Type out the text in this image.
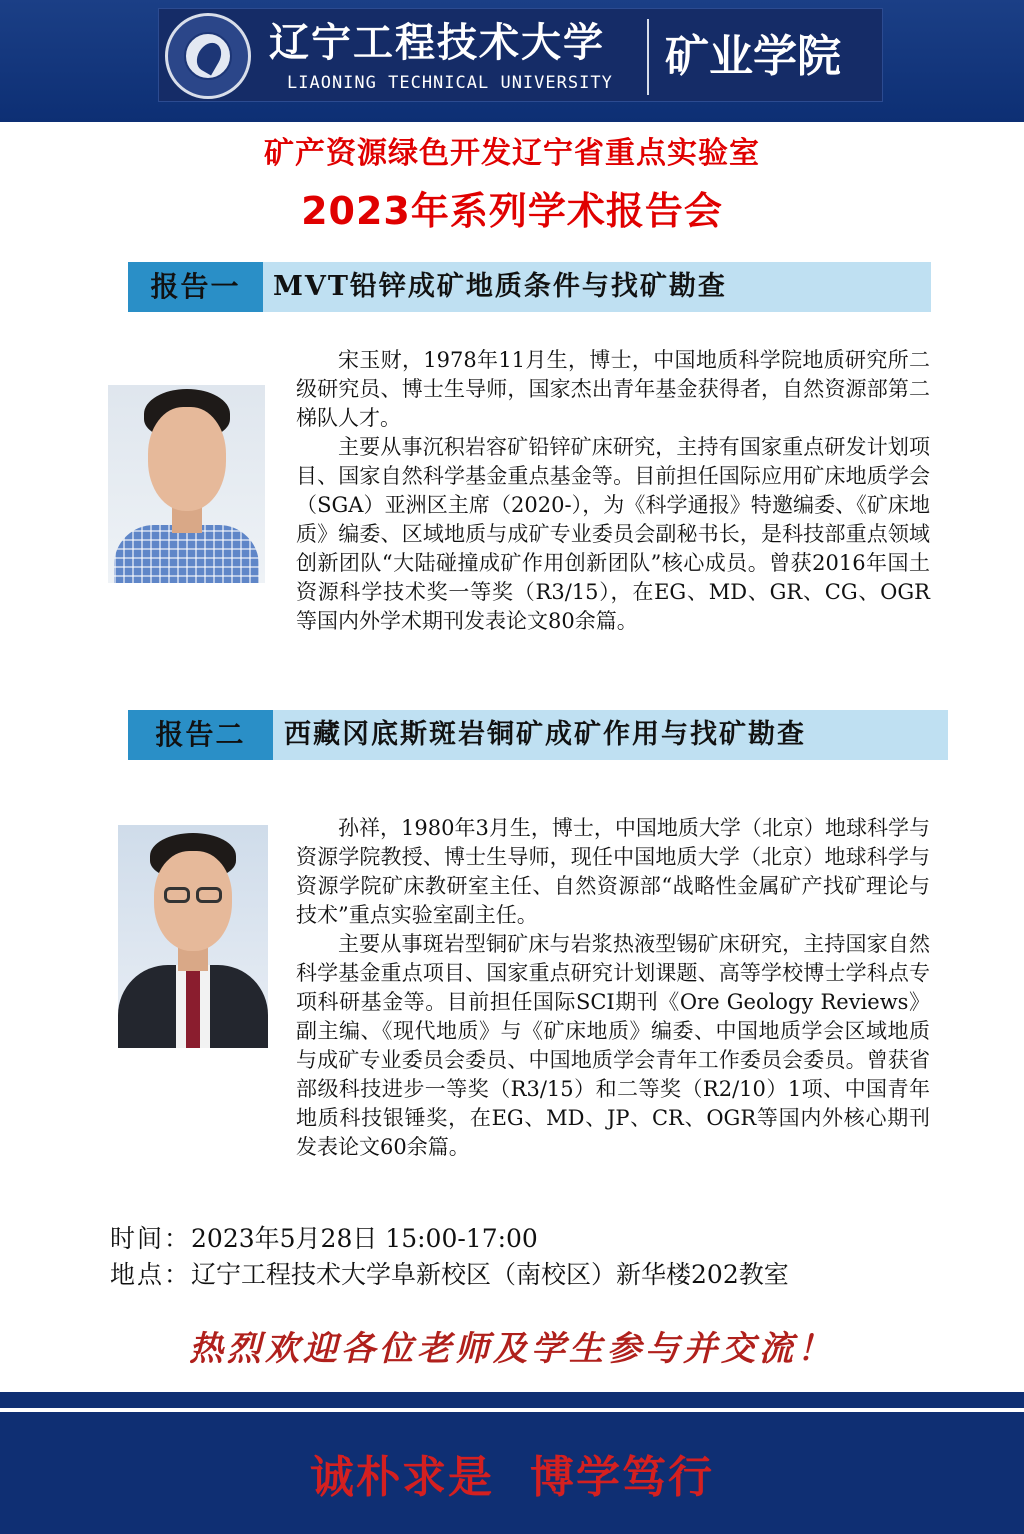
辽宁工程技术大学
LIAONING TECHNICAL UNIVERSITY
矿业学院
矿产资源绿色开发辽宁省重点实验室
2023年系列学术报告会
报告一	MVT铅锌成矿地质条件与找矿勘查

宋玉财，1978年11月生，博士，中国地质科学院地质研究所二级研究员、博士生导师，国家杰出青年基金获得者，自然资源部第二梯队人才。

主要从事沉积岩容矿铅锌矿床研究，主持有国家重点研发计划项目、国家自然科学基金重点基金等。目前担任国际应用矿床地质学会（SGA）亚洲区主席（2020-），为《科学通报》特邀编委、《矿床地质》编委、区域地质与成矿专业委员会副秘书长，是科技部重点领域创新团队“大陆碰撞成矿作用创新团队”核心成员。曾获2016年国土资源科学技术奖一等奖（R3/15），在EG、MD、GR、CG、OGR等国内外学术期刊发表论文80余篇。

报告二	西藏冈底斯斑岩铜矿成矿作用与找矿勘查

孙祥，1980年3月生，博士，中国地质大学（北京）地球科学与资源学院教授、博士生导师，现任中国地质大学（北京）地球科学与资源学院矿床教研室主任、自然资源部“战略性金属矿产找矿理论与技术”重点实验室副主任。

主要从事斑岩型铜矿床与岩浆热液型锡矿床研究，主持国家自然科学基金重点项目、国家重点研究计划课题、高等学校博士学科点专项科研基金等。目前担任国际SCI期刊《Ore Geology Reviews》副主编、《现代地质》与《矿床地质》编委、中国地质学会区域地质与成矿专业委员会委员、中国地质学会青年工作委员会委员。曾获省部级科技进步一等奖（R3/15）和二等奖（R2/10）1项、中国青年地质科技银锤奖，在EG、MD、JP、CR、OGR等国内外核心期刊发表论文60余篇。

时间：2023年5月28日 15:00-17:00
地点：辽宁工程技术大学阜新校区（南校区）新华楼202教室
热烈欢迎各位老师及学生参与并交流！
诚朴求是 博学笃行
